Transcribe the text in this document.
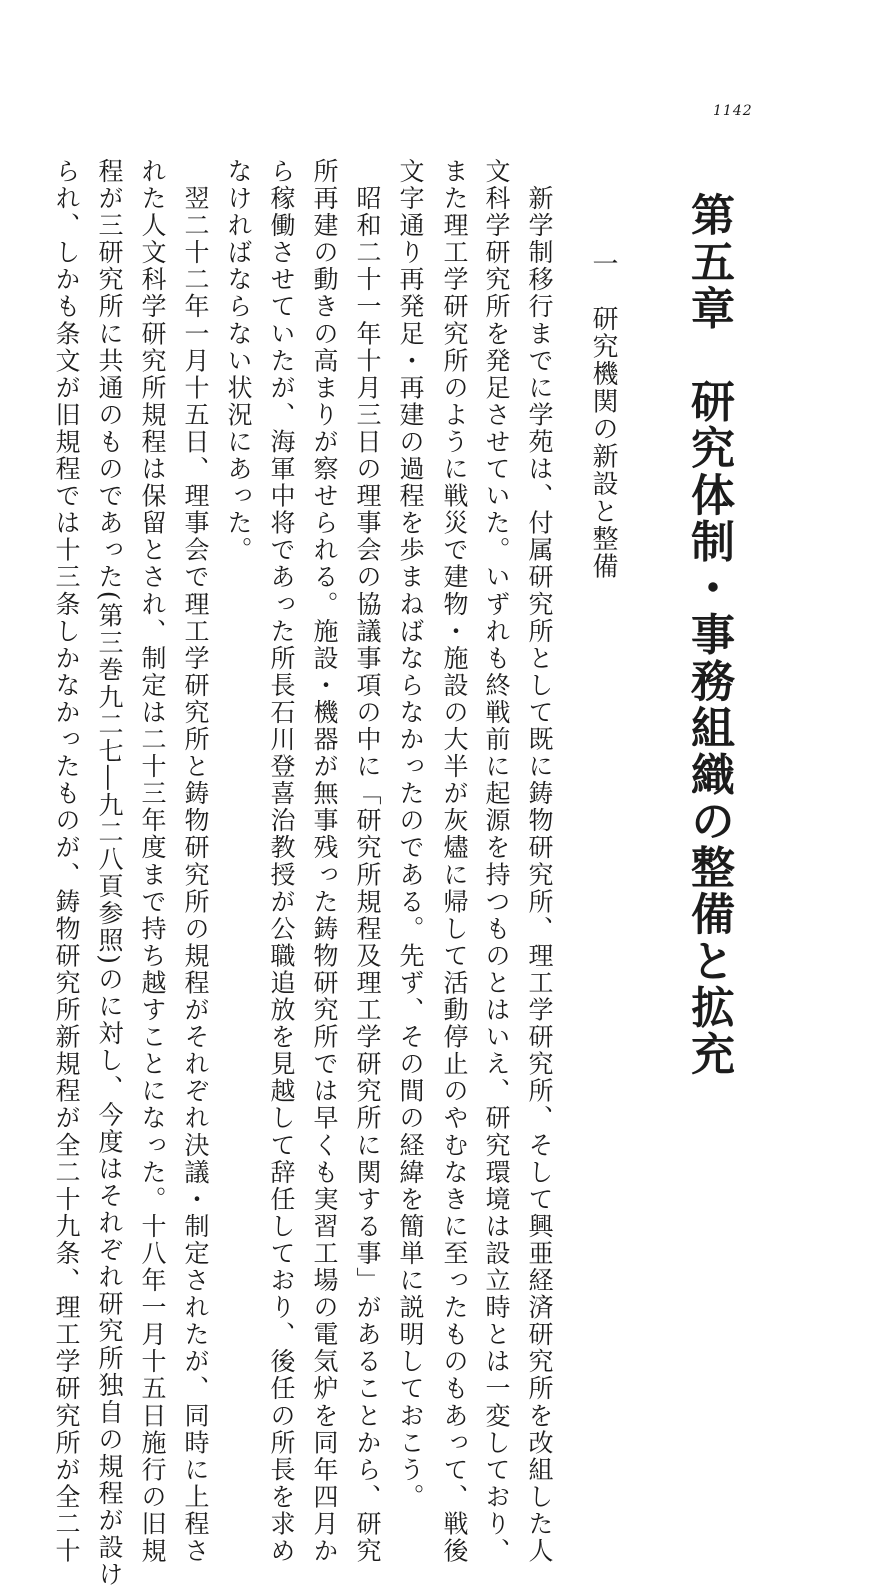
1142
第五章　研究体制・事務組織の整備と拡充
一　研究機関の新設と整備
　新学制移行までに学苑は、付属研究所として既に鋳物研究所、理工学研究所、そして興亜経済研究所を改組した人
文科学研究所を発足させていた。いずれも終戦前に起源を持つものとはいえ、研究環境は設立時とは一変しており、
また理工学研究所のように戦災で建物・施設の大半が灰燼に帰して活動停止のやむなきに至ったものもあって、戦後
文字通り再発足・再建の過程を歩まねばならなかったのである。先ず、その間の経緯を簡単に説明しておこう。
　昭和二十一年十月三日の理事会の協議事項の中に「研究所規程及理工学研究所に関する事」があることから、研究
所再建の動きの高まりが察せられる。施設・機器が無事残った鋳物研究所では早くも実習工場の電気炉を同年四月か
ら稼働させていたが、海軍中将であった所長石川登喜治教授が公職追放を見越して辞任しており、後任の所長を求め
なければならない状況にあった。
　翌二十二年一月十五日、理事会で理工学研究所と鋳物研究所の規程がそれぞれ決議・制定されたが、同時に上程さ
れた人文科学研究所規程は保留とされ、制定は二十三年度まで持ち越すことになった。十八年一月十五日施行の旧規
程が三研究所に共通のものであった(第三巻九二七―九二八頁参照)のに対し、今度はそれぞれ研究所独自の規程が設け
られ、しかも条文が旧規程では十三条しかなかったものが、鋳物研究所新規程が全二十九条、理工学研究所が全二十
